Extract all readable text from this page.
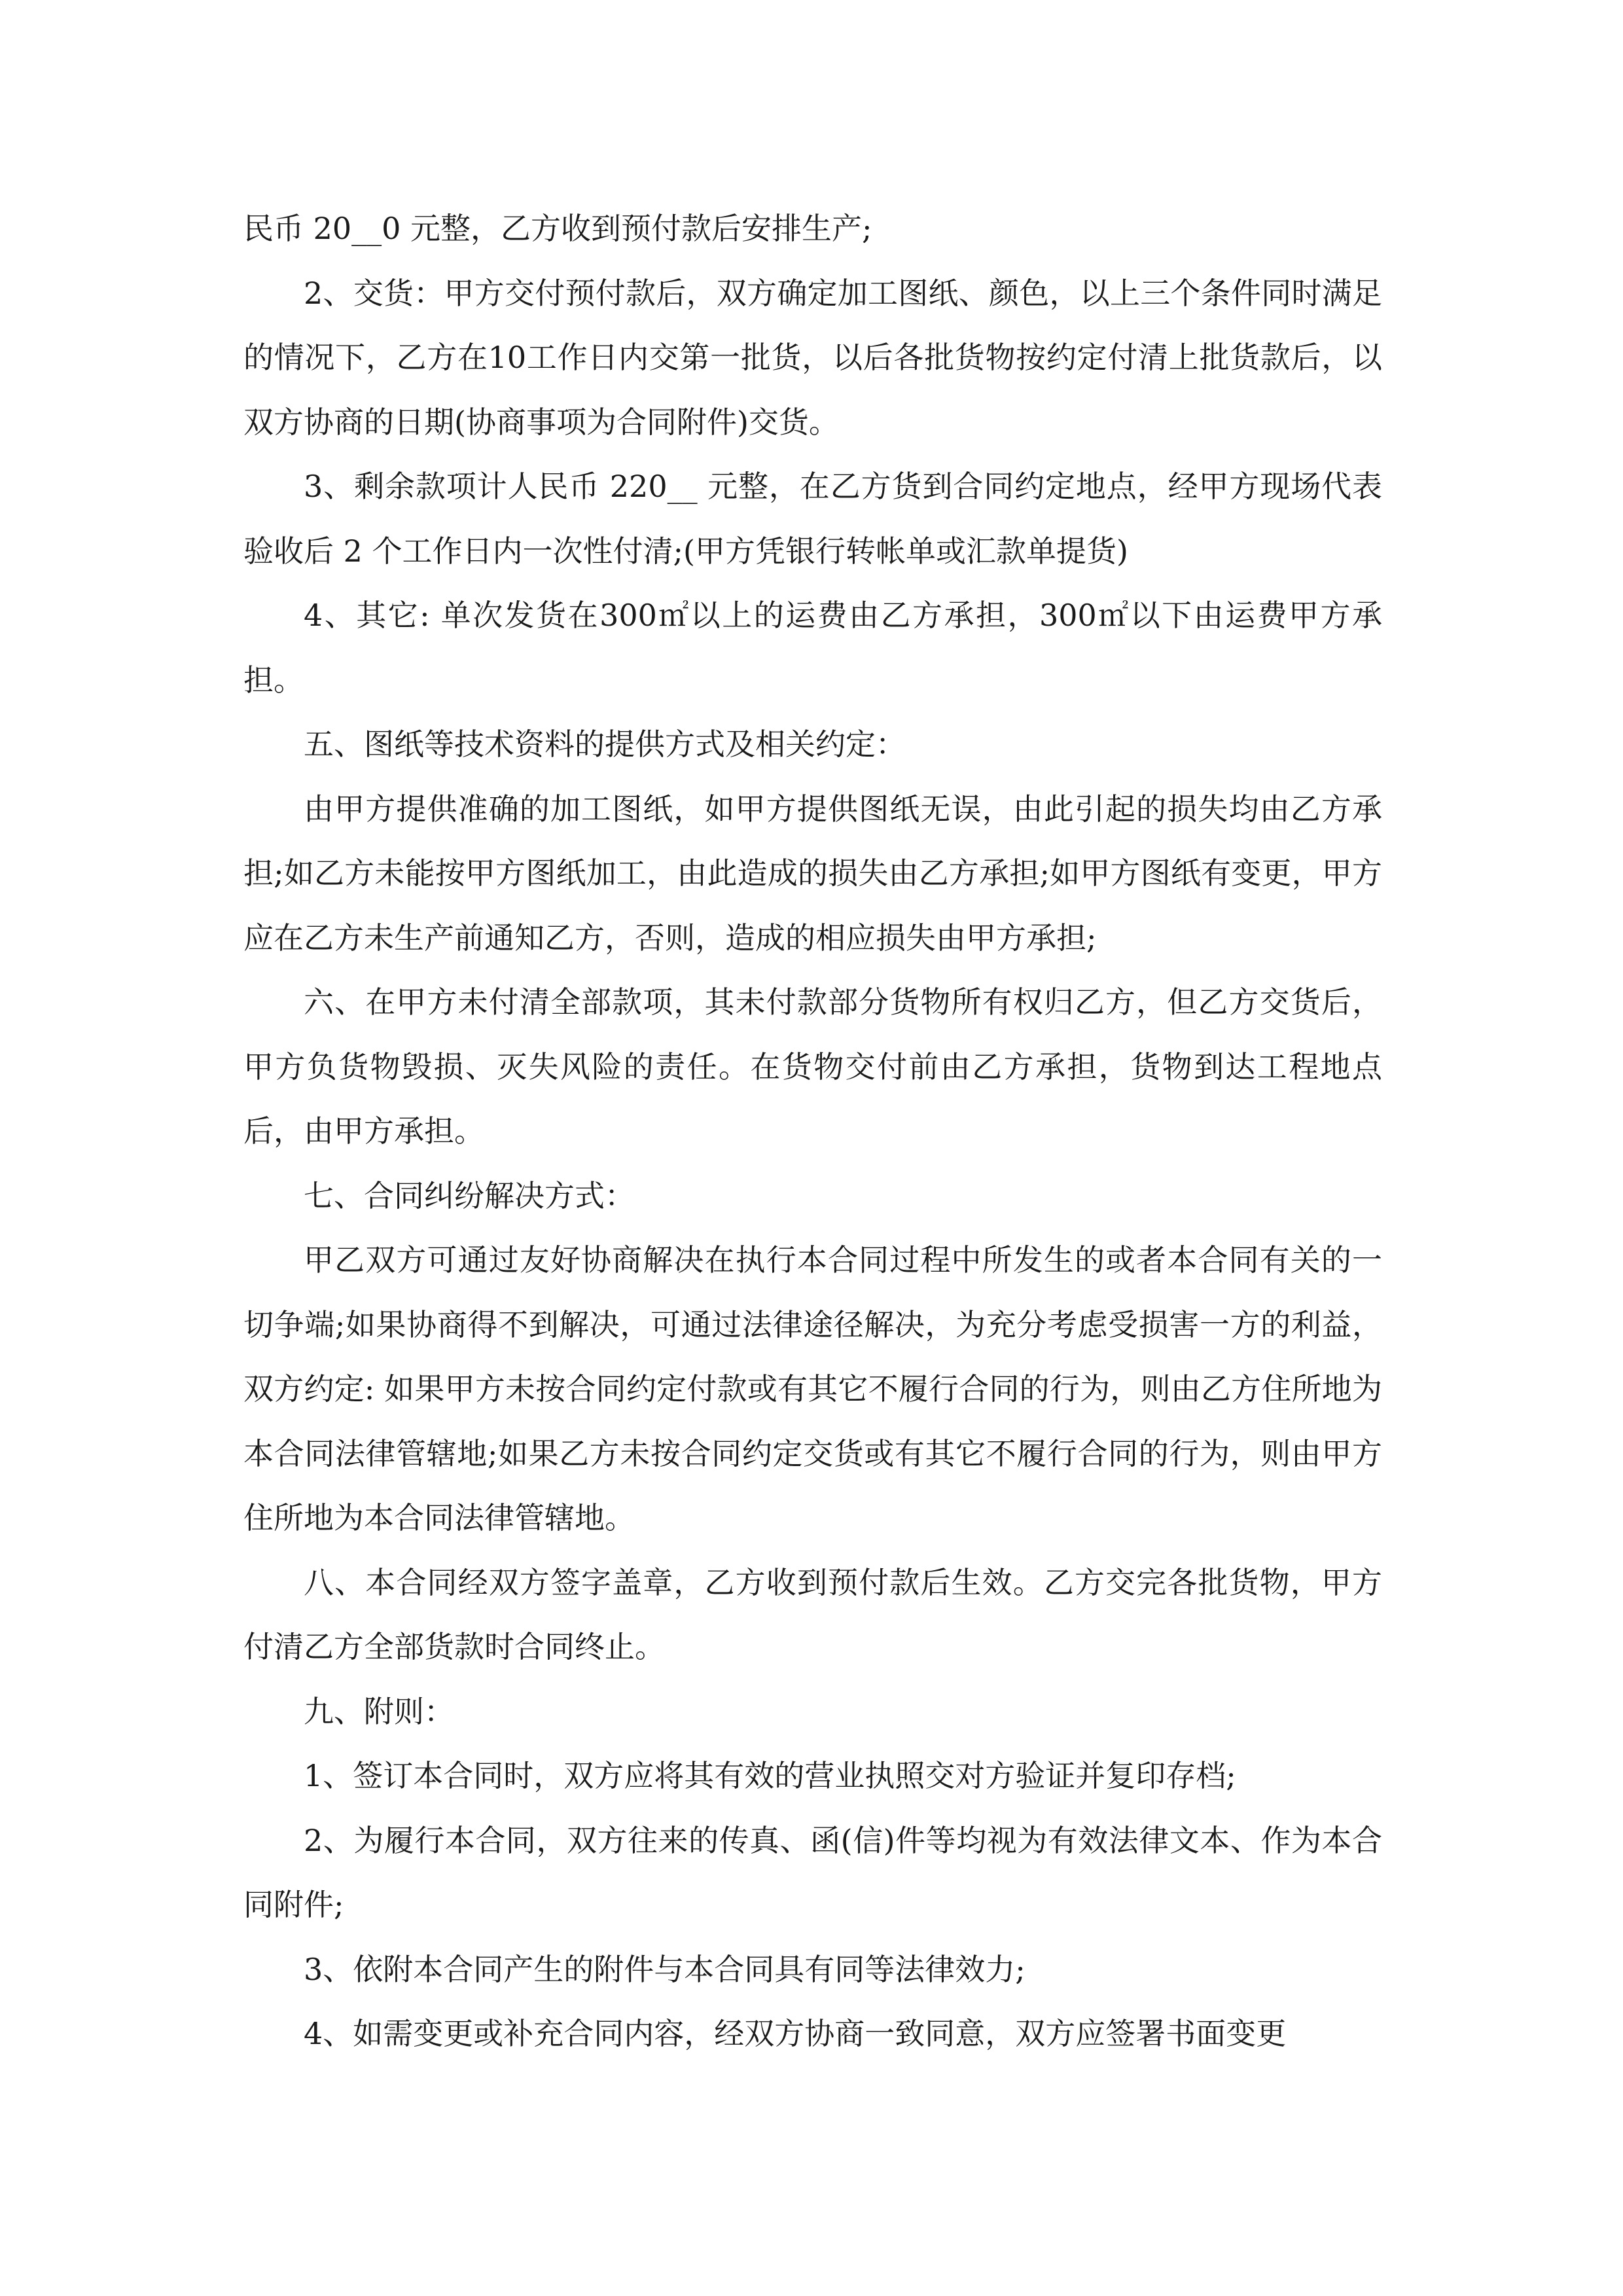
民币 20__0 元整，乙方收到预付款后安排生产;

2、交货：甲方交付预付款后，双方确定加工图纸、颜色，以上三个条件同时满足的情况下，乙方在10工作日内交第一批货，以后各批货物按约定付清上批货款后，以双方协商的日期(协商事项为合同附件)交货。

3、剩余款项计人民币 220__ 元整，在乙方货到合同约定地点，经甲方现场代表验收后 2 个工作日内一次性付清;(甲方凭银行转帐单或汇款单提货)

4、其它: 单次发货在300㎡以上的运费由乙方承担，300㎡以下由运费甲方承担。

五、图纸等技术资料的提供方式及相关约定：

由甲方提供准确的加工图纸，如甲方提供图纸无误，由此引起的损失均由乙方承担;如乙方未能按甲方图纸加工，由此造成的损失由乙方承担;如甲方图纸有变更，甲方应在乙方未生产前通知乙方，否则，造成的相应损失由甲方承担;

六、在甲方未付清全部款项，其未付款部分货物所有权归乙方，但乙方交货后，甲方负货物毁损、灭失风险的责任。在货物交付前由乙方承担，货物到达工程地点后，由甲方承担。

七、合同纠纷解决方式：

甲乙双方可通过友好协商解决在执行本合同过程中所发生的或者本合同有关的一切争端;如果协商得不到解决，可通过法律途径解决，为充分考虑受损害一方的利益，双方约定: 如果甲方未按合同约定付款或有其它不履行合同的行为，则由乙方住所地为本合同法律管辖地;如果乙方未按合同约定交货或有其它不履行合同的行为，则由甲方住所地为本合同法律管辖地。

八、本合同经双方签字盖章，乙方收到预付款后生效。乙方交完各批货物，甲方付清乙方全部货款时合同终止。

九、附则：

1、签订本合同时，双方应将其有效的营业执照交对方验证并复印存档;

2、为履行本合同，双方往来的传真、函(信)件等均视为有效法律文本、作为本合同附件;

3、依附本合同产生的附件与本合同具有同等法律效力;

4、如需变更或补充合同内容，经双方协商一致同意，双方应签署书面变更
